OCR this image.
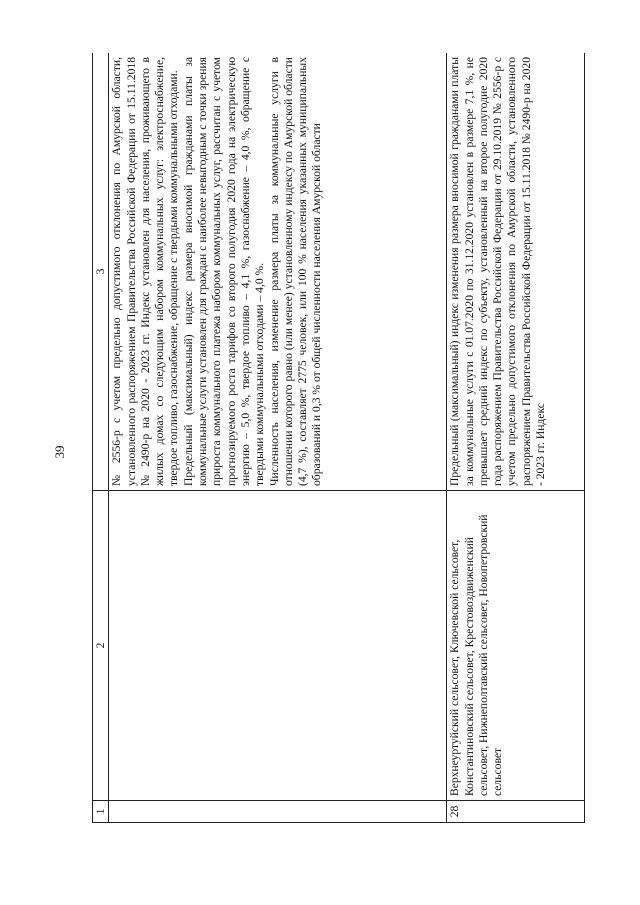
39
1	2	3

		№ 2556-р с учетом предельно допустимого отклонения по Амурской области, установленного распоряжением Правительства Российской Федерации от 15.11.2018 № 2490-р на 2020 - 2023 гг. Индекс установлен для населения, проживающего в жилых домах со следующим набором коммунальных услуг: электроснабжение, твердое топливо, газоснабжение, обращение с твердыми коммунальными отходами. Предельный (максимальный) индекс размера вносимой гражданами платы за коммунальные услуги установлен для граждан с наиболее невыгодным с точки зрения прироста коммунального платежа набором коммунальных услуг, рассчитан с учетом прогнозируемого роста тарифов со второго полугодия 2020 года на электрическую энергию – 5,0 %, твердое топливо – 4,1 %, газоснабжение – 4,0 %, обращение с твердыми коммунальными отходами – 4,0 %. Численность населения, изменение размера платы за коммунальные услуги в отношении которого равно (или менее) установленному индексу по Амурской области (4,7 %), составляет 2775 человек, или 100 % населения указанных муниципальных образований и 0,3 % от общей численности населения Амурской области

28	Верхнеуртуйский сельсовет, Ключевской сельсовет, Константиновский сельсовет, Крестовоздвиженский сельсовет, Нижнеполтавский сельсовет, Новопетровский сельсовет	Предельный (максимальный) индекс изменения размера вносимой гражданами платы за коммунальные услуги с 01.07.2020 по 31.12.2020 установлен в размере 7,1 %, не превышает средний индекс по субъекту, установленный на второе полугодие 2020 года распоряжением Правительства Российской Федерации от 29.10.2019 № 2556-р с учетом предельно допустимого отклонения по Амурской области, установленного распоряжением Правительства Российской Федерации от 15.11.2018 № 2490-р на 2020 - 2023 гг. Индекс
